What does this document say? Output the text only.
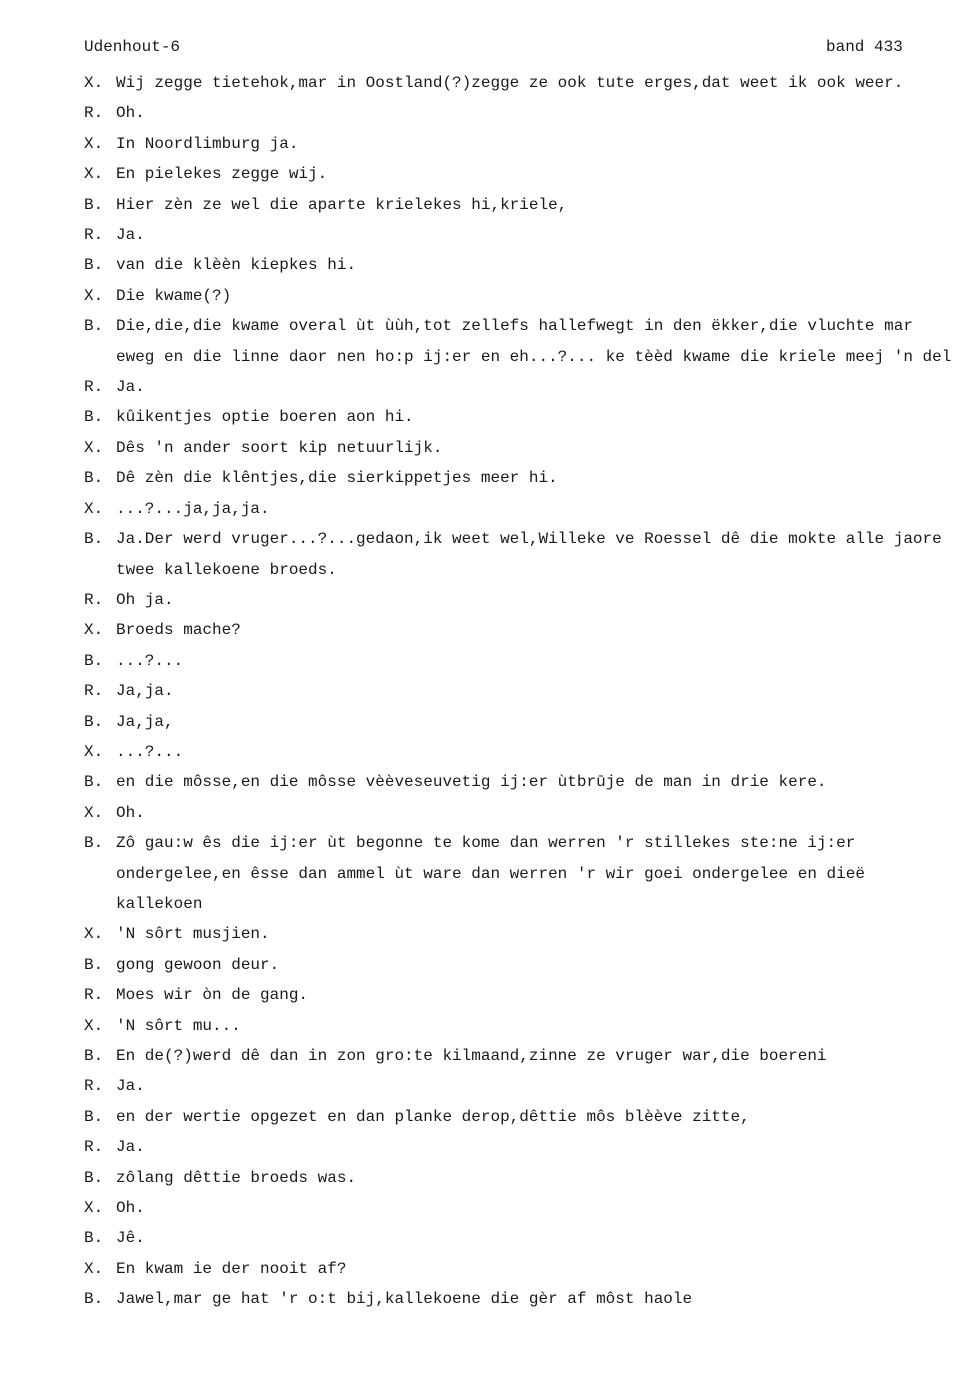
Udenhout-6	band 433
X. Wij zegge tietehok,mar in Oostland(?)zegge ze ook tute erges,dat weet ik ook weer.
R. Oh.
X. In Noordlimburg ja.
X. En pielekes zegge wij.
B. Hier zèn ze wel die aparte krielekes hi,kriele,
R. Ja.
B. van die klèèn kiepkes hi.
X. Die kwame(?)
B. Die,die,die kwame overal ùt ùùh,tot zellefs hallefwegt in den ëkker,die vluchte mar eweg en die linne daor nen ho:p ij:er en eh...?... ke tèèd kwame die kriele meej 'n del
R. Ja.
B. kûikentjes optie boeren aon hi.
X. Dês 'n ander soort kip netuurlijk.
B. Dê zèn die klêntjes,die sierkippetjes meer hi.
X. ...?...ja,ja,ja.
B. Ja.Der werd vruger...?...gedaon,ik weet wel,Willeke ve Roessel dê die mokte alle jaore twee kallekoene broeds.
R. Oh ja.
X. Broeds mache?
B. ...?...
R. Ja,ja.
B. Ja,ja,
X. ...?...
B. en die môsse,en die môsse vèèveseuvetig ij:er ùtbrūje de man in drie kere.
X. Oh.
B. Zô gau:w ês die ij:er ùt begonne te kome dan werren 'r stillekes ste:ne ij:er ondergelee,en êsse dan ammel ùt ware dan werren 'r wir goei ondergelee en dieë kallekoen
X. 'N sôrt musjien.
B. gong gewoon deur.
R. Moes wir òn de gang.
X. 'N sôrt mu...
B. En de(?)werd dê dan in zon gro:te kilmaand,zinne ze vruger war,die boereni
R. Ja.
B. en der wertie opgezet en dan planke derop,dêttie môs blèève zitte,
R. Ja.
B. zôlang dêttie broeds was.
X. Oh.
B. Jê.
X. En kwam ie der nooit af?
B. Jawel,mar ge hat 'r o:t bij,kallekoene die gèr af môst haole
